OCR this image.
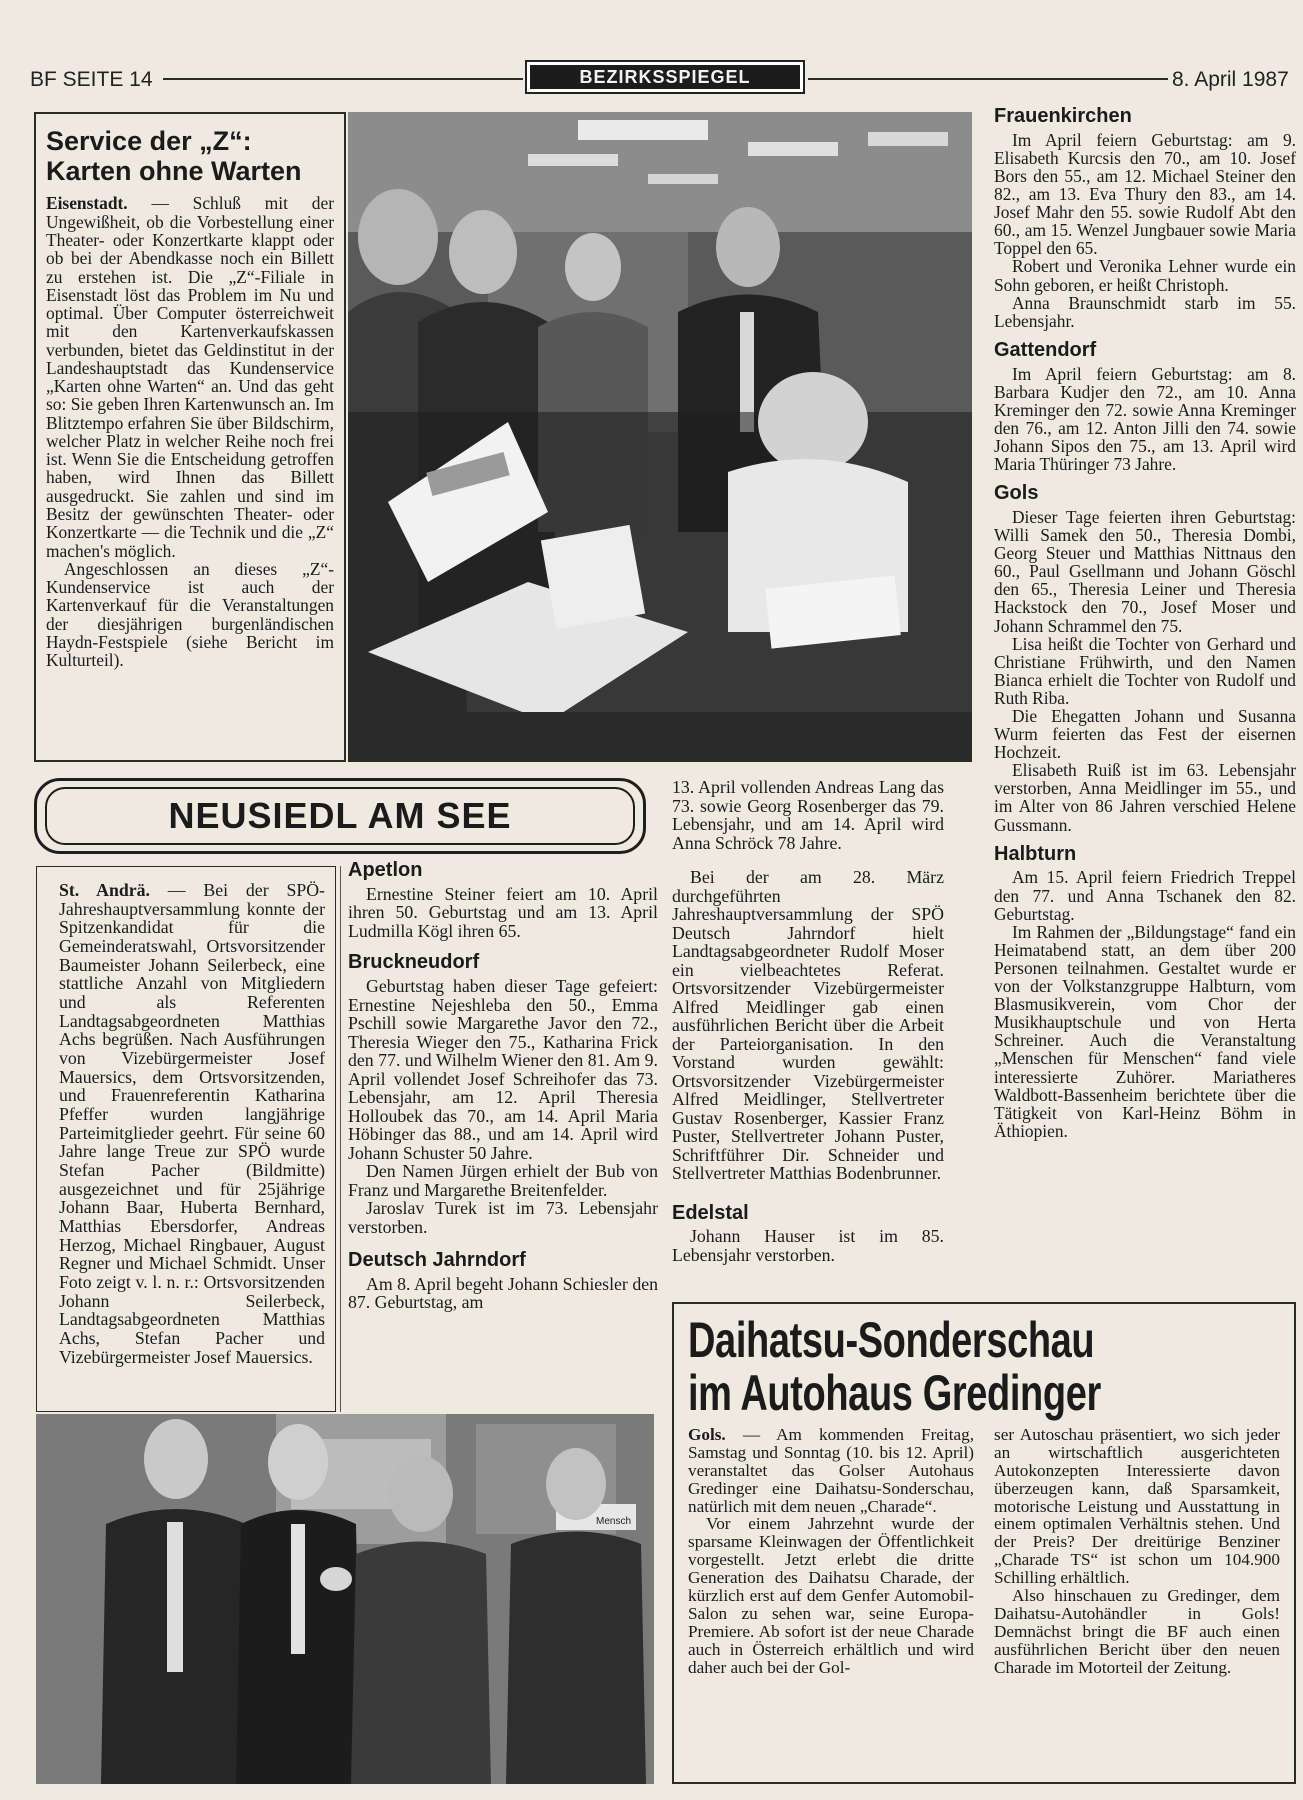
BF SEITE 14	BEZIRKSSPIEGEL	8. April 1987
Service der „Z“:
Karten ohne Warten

Eisenstadt. — Schluß mit der Ungewißheit, ob die Vorbestellung einer Theater- oder Konzertkarte klappt oder ob bei der Abendkasse noch ein Billett zu erstehen ist. Die „Z“-Filiale in Eisenstadt löst das Problem im Nu und optimal. Über Computer österreichweit mit den Kartenverkaufskassen verbunden, bietet das Geldinstitut in der Landeshauptstadt das Kundenservice „Karten ohne Warten“ an. Und das geht so: Sie geben Ihren Kartenwunsch an. Im Blitztempo erfahren Sie über Bildschirm, welcher Platz in welcher Reihe noch frei ist. Wenn Sie die Entscheidung getroffen haben, wird Ihnen das Billett ausgedruckt. Sie zahlen und sind im Besitz der gewünschten Theater- oder Konzertkarte — die Technik und die „Z“ machen's möglich.

Angeschlossen an dieses „Z“-Kundenservice ist auch der Kartenverkauf für die Veranstaltungen der diesjährigen burgenländischen Haydn-Festspiele (siehe Bericht im Kulturteil).

NEUSIEDL AM SEE

St. Andrä. — Bei der SPÖ-Jahreshauptversammlung konnte der Spitzenkandidat für die Gemeinderatswahl, Ortsvorsitzender Baumeister Johann Seilerbeck, eine stattliche Anzahl von Mitgliedern und als Referenten Landtagsabgeordneten Matthias Achs begrüßen. Nach Ausführungen von Vizebürgermeister Josef Mauersics, dem Ortsvorsitzenden, und Frauenreferentin Katharina Pfeffer wurden langjährige Parteimitglieder geehrt. Für seine 60 Jahre lange Treue zur SPÖ wurde Stefan Pacher (Bildmitte) ausgezeichnet und für 25jährige Johann Baar, Huberta Bernhard, Matthias Ebersdorfer, Andreas Herzog, Michael Ringbauer, August Regner und Michael Schmidt. Unser Foto zeigt v. l. n. r.: Ortsvorsitzenden Johann Seilerbeck, Landtagsabgeordneten Matthias Achs, Stefan Pacher und Vizebürgermeister Josef Mauersics.

Mensch
Apetlon

Ernestine Steiner feiert am 10. April ihren 50. Geburtstag und am 13. April Ludmilla Kögl ihren 65.

Bruckneudorf

Geburtstag haben dieser Tage gefeiert: Ernestine Nejeshleba den 50., Emma Pschill sowie Margarethe Javor den 72., Theresia Wieger den 75., Katharina Frick den 77. und Wilhelm Wiener den 81. Am 9. April vollendet Josef Schreihofer das 73. Lebensjahr, am 12. April Theresia Holloubek das 70., am 14. April Maria Höbinger das 88., und am 14. April wird Johann Schuster 50 Jahre.

Den Namen Jürgen erhielt der Bub von Franz und Margarethe Breitenfelder.

Jaroslav Turek ist im 73. Lebensjahr verstorben.

Deutsch Jahrndorf

Am 8. April begeht Johann Schiesler den 87. Geburtstag, am

13. April vollenden Andreas Lang das 73. sowie Georg Rosenberger das 79. Lebensjahr, und am 14. April wird Anna Schröck 78 Jahre.

Bei der am 28. März durchgeführten Jahreshauptversammlung der SPÖ Deutsch Jahrndorf hielt Landtagsabgeordneter Rudolf Moser ein vielbeachtetes Referat. Ortsvorsitzender Vizebürgermeister Alfred Meidlinger gab einen ausführlichen Bericht über die Arbeit der Parteiorganisation. In den Vorstand wurden gewählt: Ortsvorsitzender Vizebürgermeister Alfred Meidlinger, Stellvertreter Gustav Rosenberger, Kassier Franz Puster, Stellvertreter Johann Puster, Schriftführer Dir. Schneider und Stellvertreter Matthias Bodenbrunner.

Edelstal

Johann Hauser ist im 85. Lebensjahr verstorben.

Frauenkirchen

Im April feiern Geburtstag: am 9. Elisabeth Kurcsis den 70., am 10. Josef Bors den 55., am 12. Michael Steiner den 82., am 13. Eva Thury den 83., am 14. Josef Mahr den 55. sowie Rudolf Abt den 60., am 15. Wenzel Jungbauer sowie Maria Toppel den 65.

Robert und Veronika Lehner wurde ein Sohn geboren, er heißt Christoph.

Anna Braunschmidt starb im 55. Lebensjahr.

Gattendorf

Im April feiern Geburtstag: am 8. Barbara Kudjer den 72., am 10. Anna Kreminger den 72. sowie Anna Kreminger den 76., am 12. Anton Jilli den 74. sowie Johann Sipos den 75., am 13. April wird Maria Thüringer 73 Jahre.

Gols

Dieser Tage feierten ihren Geburtstag: Willi Samek den 50., Theresia Dombi, Georg Steuer und Matthias Nittnaus den 60., Paul Gsellmann und Johann Göschl den 65., Theresia Leiner und Theresia Hackstock den 70., Josef Moser und Johann Schrammel den 75.

Lisa heißt die Tochter von Gerhard und Christiane Frühwirth, und den Namen Bianca erhielt die Tochter von Rudolf und Ruth Riba.

Die Ehegatten Johann und Susanna Wurm feierten das Fest der eisernen Hochzeit.

Elisabeth Ruiß ist im 63. Lebensjahr verstorben, Anna Meidlinger im 55., und im Alter von 86 Jahren verschied Helene Gussmann.

Halbturn

Am 15. April feiern Friedrich Treppel den 77. und Anna Tschanek den 82. Geburtstag.

Im Rahmen der „Bildungstage“ fand ein Heimatabend statt, an dem über 200 Personen teilnahmen. Gestaltet wurde er von der Volkstanzgruppe Halbturn, vom Blasmusikverein, vom Chor der Musikhauptschule und von Herta Schreiner. Auch die Veranstaltung „Menschen für Menschen“ fand viele interessierte Zuhörer. Mariatheres Waldbott-Bassenheim berichtete über die Tätigkeit von Karl-Heinz Böhm in Äthiopien.

Daihatsu-Sonderschau
im Autohaus Gredinger

Gols. — Am kommenden Freitag, Samstag und Sonntag (10. bis 12. April) veranstaltet das Golser Autohaus Gredinger eine Daihatsu-Sonderschau, natürlich mit dem neuen „Charade“.

Vor einem Jahrzehnt wurde der sparsame Kleinwagen der Öffentlichkeit vorgestellt. Jetzt erlebt die dritte Generation des Daihatsu Charade, der kürzlich erst auf dem Genfer Automobil-Salon zu sehen war, seine Europa-Premiere. Ab sofort ist der neue Charade auch in Österreich erhältlich und wird daher auch bei der Gol-

ser Autoschau präsentiert, wo sich jeder an wirtschaftlich ausgerichteten Autokonzepten Interessierte davon überzeugen kann, daß Sparsamkeit, motorische Leistung und Ausstattung in einem optimalen Verhältnis stehen. Und der Preis? Der dreitürige Benziner „Charade TS“ ist schon um 104.900 Schilling erhältlich.

Also hinschauen zu Gredinger, dem Daihatsu-Autohändler in Gols! Demnächst bringt die BF auch einen ausführlichen Bericht über den neuen Charade im Motorteil der Zeitung.
